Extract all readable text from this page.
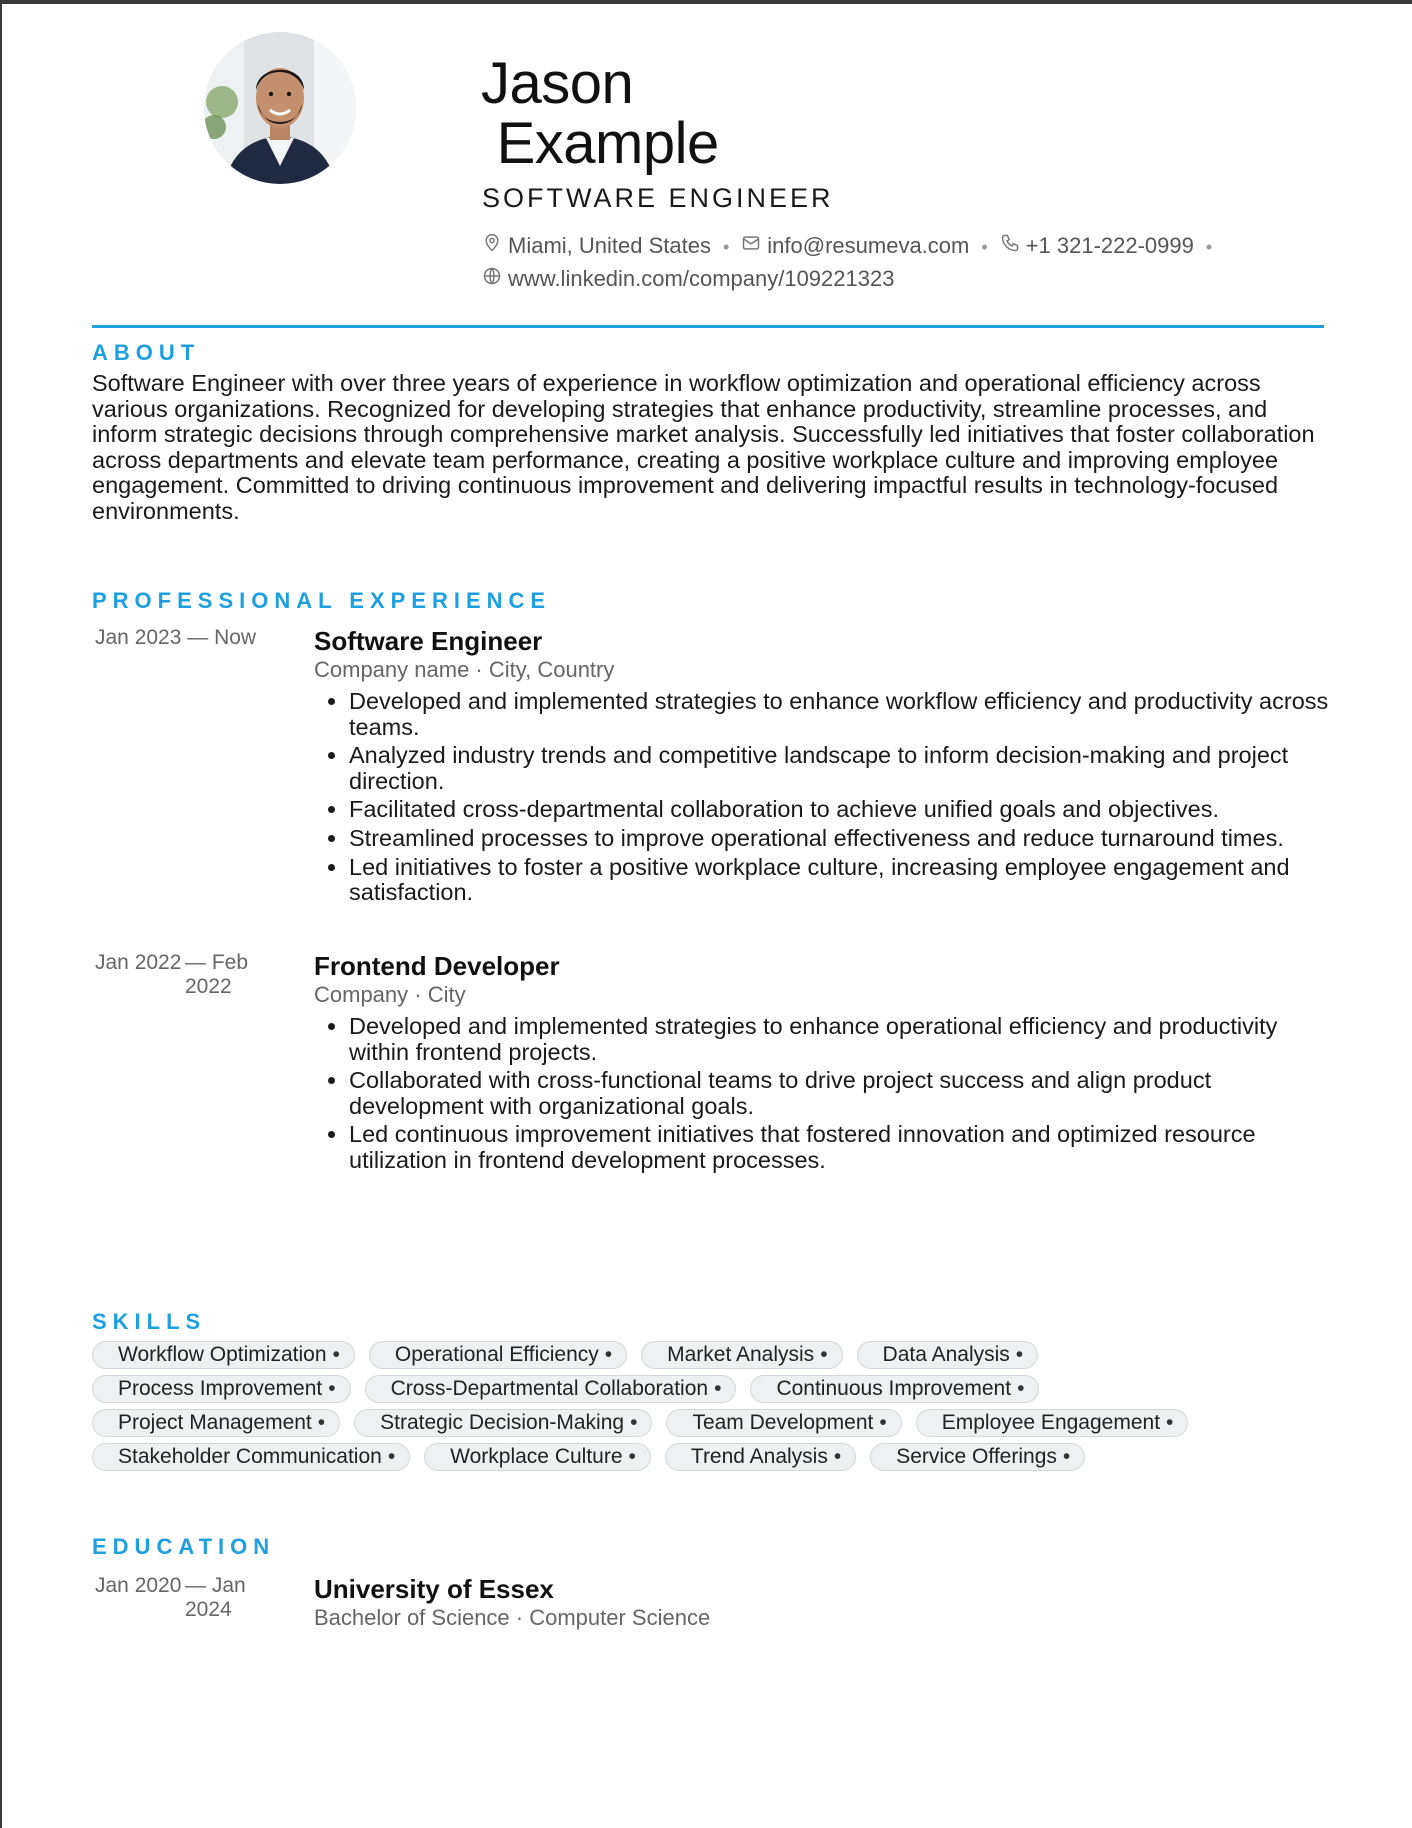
Jason
Example
SOFTWARE ENGINEER
Miami, United States • info@resumeva.com • +1 321-222-0999 •

www.linkedin.com/company/109221323
ABOUT

Software Engineer with over three years of experience in workflow optimization and operational efficiency across various organizations. Recognized for developing strategies that enhance productivity, streamline processes, and inform strategic decisions through comprehensive market analysis. Successfully led initiatives that foster collaboration across departments and elevate team performance, creating a positive workplace culture and improving employee engagement. Committed to driving continuous improvement and delivering impactful results in technology-focused environments.

PROFESSIONAL EXPERIENCE
Jan 2023 — Now	Software Engineer
Company name · City, Country
• Developed and implemented strategies to enhance workflow efficiency and productivity across teams.
• Analyzed industry trends and competitive landscape to inform decision-making and project direction.
• Facilitated cross-departmental collaboration to achieve unified goals and objectives.
• Streamlined processes to improve operational effectiveness and reduce turnaround times.
• Led initiatives to foster a positive workplace culture, increasing employee engagement and satisfaction.
Jan 2022 — Feb 2022
Frontend Developer
Company · City
• Developed and implemented strategies to enhance operational efficiency and productivity within frontend projects.
• Collaborated with cross-functional teams to drive project success and align product development with organizational goals.
• Led continuous improvement initiatives that fostered innovation and optimized resource utilization in frontend development processes.
SKILLS
Workflow Optimization •	Operational Efficiency •	Market Analysis •	Data Analysis •
Process Improvement •	Cross-Departmental Collaboration •	Continuous Improvement •
Project Management •	Strategic Decision-Making •	Team Development •	Employee Engagement •
Stakeholder Communication •	Workplace Culture •	Trend Analysis •	Service Offerings •
EDUCATION
Jan 2020 — Jan 2024
University of Essex
Bachelor of Science · Computer Science
